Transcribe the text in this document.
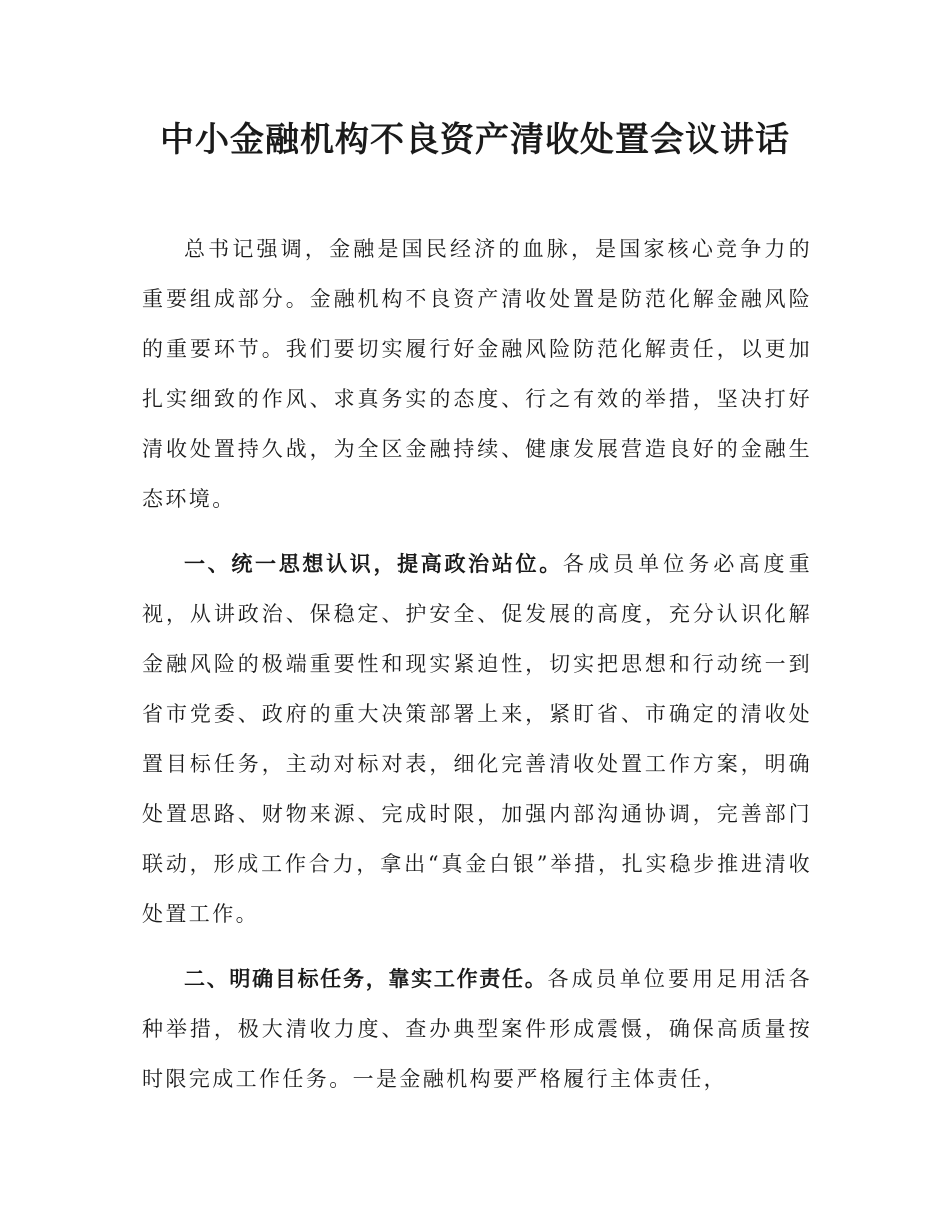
中小金融机构不良资产清收处置会议讲话

总书记强调，金融是国民经济的血脉，是国家核心竞争力的重要组成部分。金融机构不良资产清收处置是防范化解金融风险的重要环节。我们要切实履行好金融风险防范化解责任，以更加扎实细致的作风、求真务实的态度、行之有效的举措，坚决打好清收处置持久战，为全区金融持续、健康发展营造良好的金融生态环境。

一、统一思想认识，提高政治站位。各成员单位务必高度重视，从讲政治、保稳定、护安全、促发展的高度，充分认识化解金融风险的极端重要性和现实紧迫性，切实把思想和行动统一到省市党委、政府的重大决策部署上来，紧盯省、市确定的清收处置目标任务，主动对标对表，细化完善清收处置工作方案，明确处置思路、财物来源、完成时限，加强内部沟通协调，完善部门联动，形成工作合力，拿出“真金白银”举措，扎实稳步推进清收处置工作。

二、明确目标任务，靠实工作责任。各成员单位要用足用活各种举措，极大清收力度、查办典型案件形成震慑，确保高质量按时限完成工作任务。一是金融机构要严格履行主体责任，
